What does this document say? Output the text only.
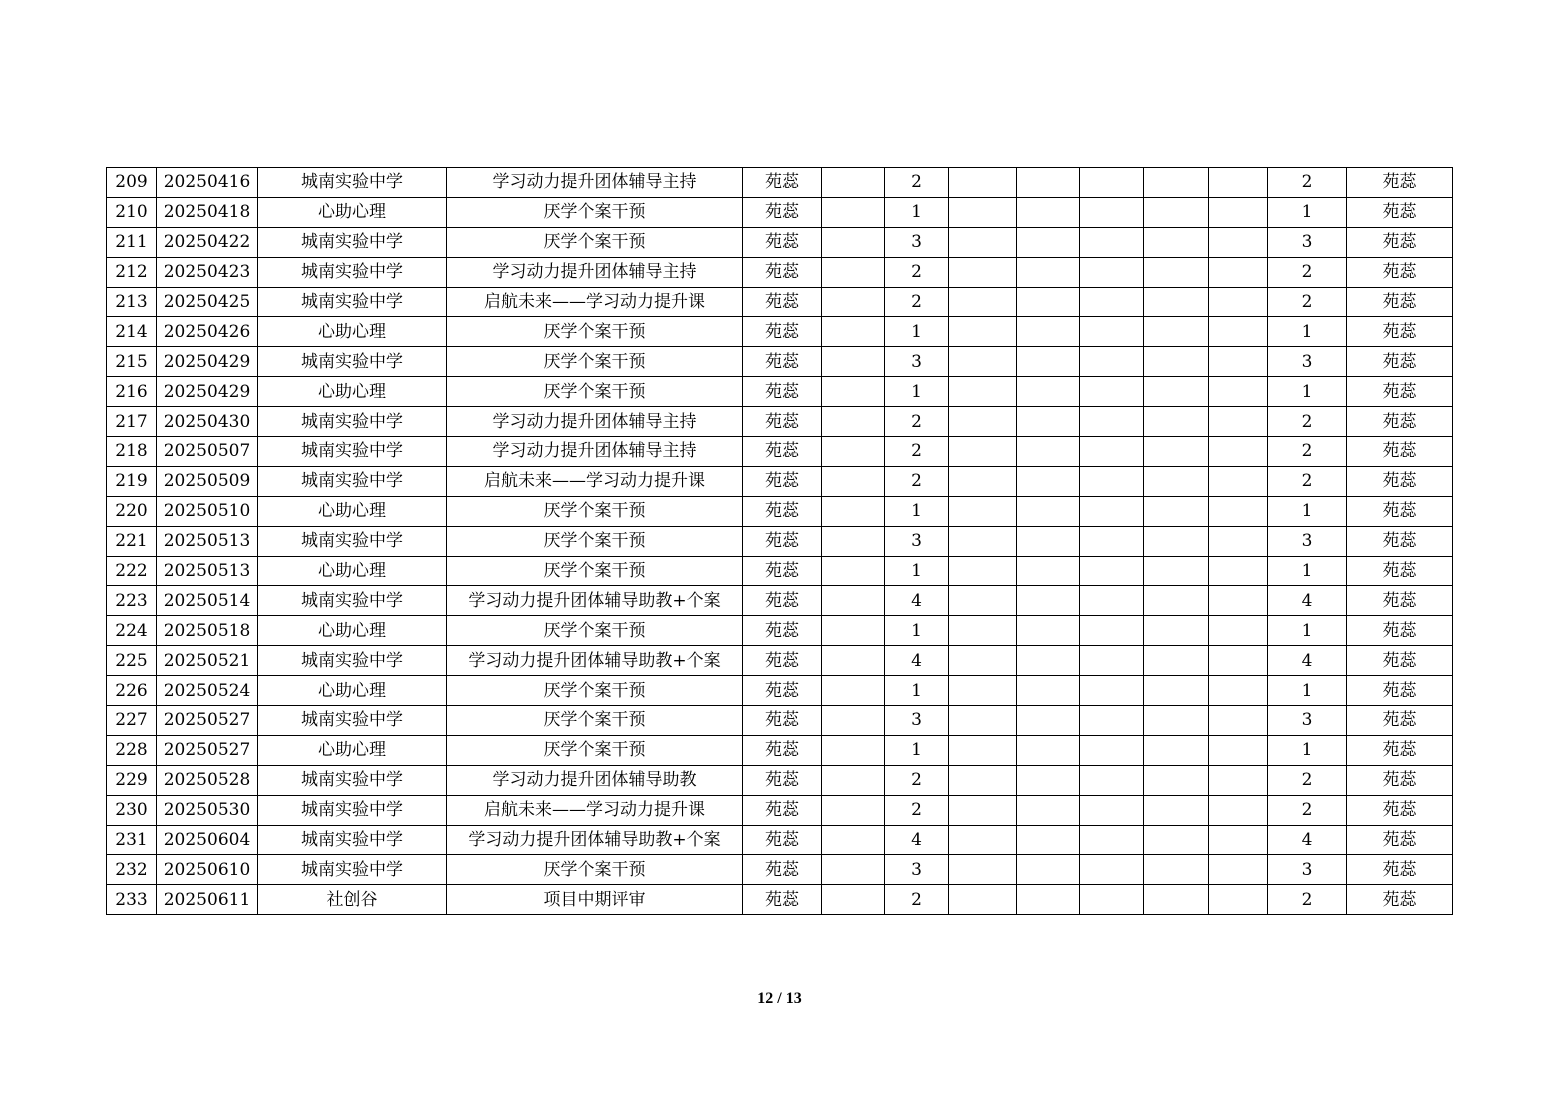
209	20250416	城南实验中学	学习动力提升团体辅导主持	苑蕊		2						2	苑蕊
210	20250418	心助心理	厌学个案干预	苑蕊		1						1	苑蕊
211	20250422	城南实验中学	厌学个案干预	苑蕊		3						3	苑蕊
212	20250423	城南实验中学	学习动力提升团体辅导主持	苑蕊		2						2	苑蕊
213	20250425	城南实验中学	启航未来——学习动力提升课	苑蕊		2						2	苑蕊
214	20250426	心助心理	厌学个案干预	苑蕊		1						1	苑蕊
215	20250429	城南实验中学	厌学个案干预	苑蕊		3						3	苑蕊
216	20250429	心助心理	厌学个案干预	苑蕊		1						1	苑蕊
217	20250430	城南实验中学	学习动力提升团体辅导主持	苑蕊		2						2	苑蕊
218	20250507	城南实验中学	学习动力提升团体辅导主持	苑蕊		2						2	苑蕊
219	20250509	城南实验中学	启航未来——学习动力提升课	苑蕊		2						2	苑蕊
220	20250510	心助心理	厌学个案干预	苑蕊		1						1	苑蕊
221	20250513	城南实验中学	厌学个案干预	苑蕊		3						3	苑蕊
222	20250513	心助心理	厌学个案干预	苑蕊		1						1	苑蕊
223	20250514	城南实验中学	学习动力提升团体辅导助教+个案	苑蕊		4						4	苑蕊
224	20250518	心助心理	厌学个案干预	苑蕊		1						1	苑蕊
225	20250521	城南实验中学	学习动力提升团体辅导助教+个案	苑蕊		4						4	苑蕊
226	20250524	心助心理	厌学个案干预	苑蕊		1						1	苑蕊
227	20250527	城南实验中学	厌学个案干预	苑蕊		3						3	苑蕊
228	20250527	心助心理	厌学个案干预	苑蕊		1						1	苑蕊
229	20250528	城南实验中学	学习动力提升团体辅导助教	苑蕊		2						2	苑蕊
230	20250530	城南实验中学	启航未来——学习动力提升课	苑蕊		2						2	苑蕊
231	20250604	城南实验中学	学习动力提升团体辅导助教+个案	苑蕊		4						4	苑蕊
232	20250610	城南实验中学	厌学个案干预	苑蕊		3						3	苑蕊
233	20250611	社创谷	项目中期评审	苑蕊		2						2	苑蕊
12 / 13
